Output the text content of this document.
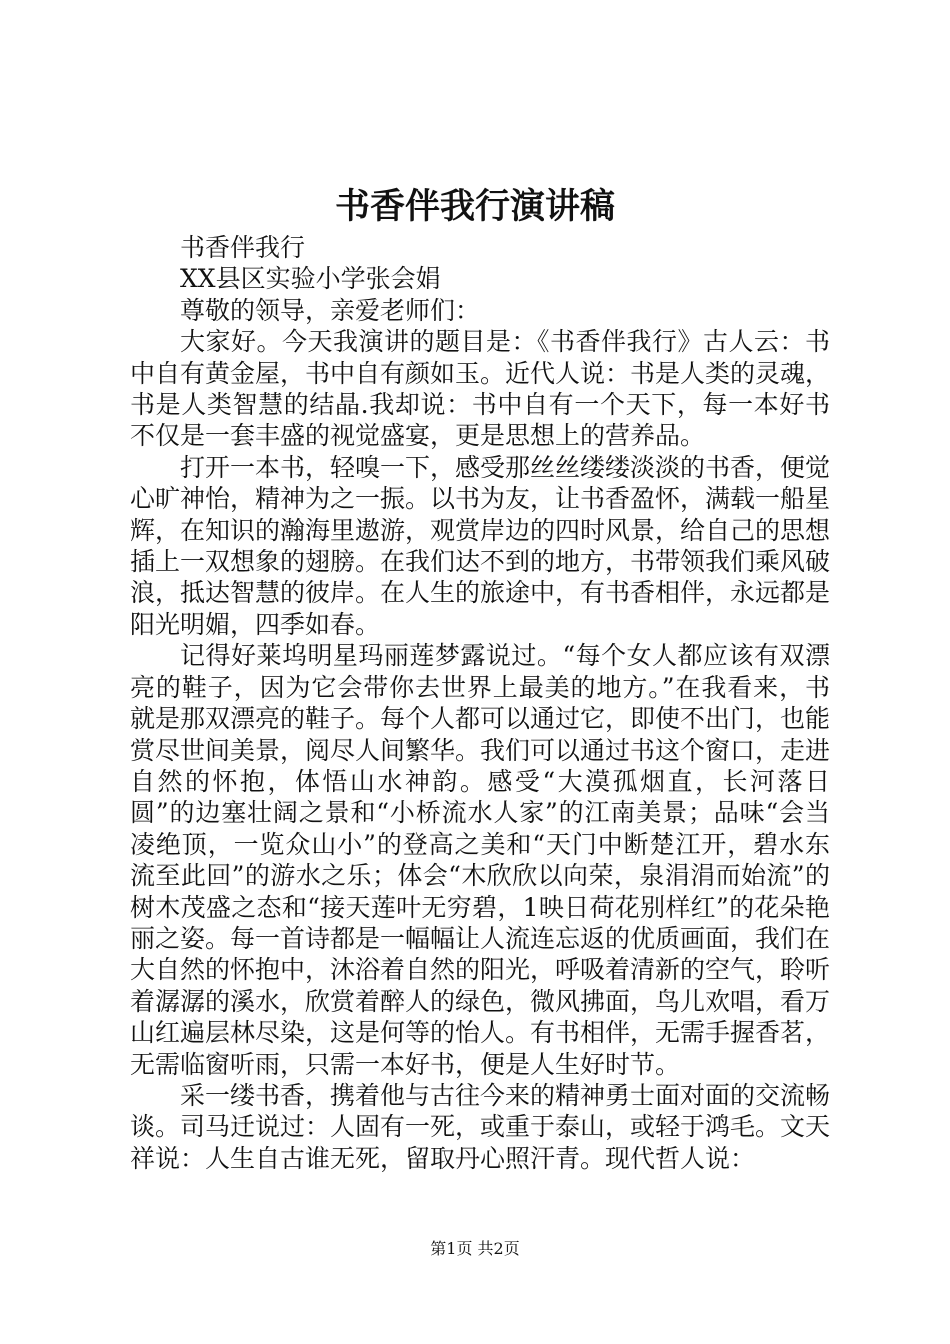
书香伴我行演讲稿

书香伴我行

XX县区实验小学张会娟

尊敬的领导，亲爱老师们：

大家好。今天我演讲的题目是：《书香伴我行》古人云：书中自有黄金屋，书中自有颜如玉。近代人说：书是人类的灵魂，书是人类智慧的结晶.我却说：书中自有一个天下，每一本好书不仅是一套丰盛的视觉盛宴，更是思想上的营养品。

打开一本书，轻嗅一下，感受那丝丝缕缕淡淡的书香，便觉心旷神怡，精神为之一振。以书为友，让书香盈怀，满载一船星辉，在知识的瀚海里遨游，观赏岸边的四时风景，给自己的思想插上一双想象的翅膀。在我们达不到的地方，书带领我们乘风破浪，抵达智慧的彼岸。在人生的旅途中，有书香相伴，永远都是阳光明媚，四季如春。

记得好莱坞明星玛丽莲梦露说过。“每个女人都应该有双漂亮的鞋子，因为它会带你去世界上最美的地方。”在我看来，书就是那双漂亮的鞋子。每个人都可以通过它，即使不出门，也能赏尽世间美景，阅尽人间繁华。我们可以通过书这个窗口，走进自然的怀抱，体悟山水神韵。感受“大漠孤烟直，长河落日圆”的边塞壮阔之景和“小桥流水人家”的江南美景；品味“会当凌绝顶，一览众山小”的登高之美和“天门中断楚江开，碧水东流至此回”的游水之乐；体会“木欣欣以向荣，泉涓涓而始流”的树木茂盛之态和“接天莲叶无穷碧，1映日荷花别样红”的花朵艳丽之姿。每一首诗都是一幅幅让人流连忘返的优质画面，我们在大自然的怀抱中，沐浴着自然的阳光，呼吸着清新的空气，聆听着潺潺的溪水，欣赏着醉人的绿色，微风拂面，鸟儿欢唱，看万山红遍层林尽染，这是何等的怡人。有书相伴，无需手握香茗，无需临窗听雨，只需一本好书，便是人生好时节。

采一缕书香，携着他与古往今来的精神勇士面对面的交流畅谈。司马迁说过：人固有一死，或重于泰山，或轻于鸿毛。文天祥说：人生自古谁无死，留取丹心照汗青。现代哲人说：

第1页 共2页
